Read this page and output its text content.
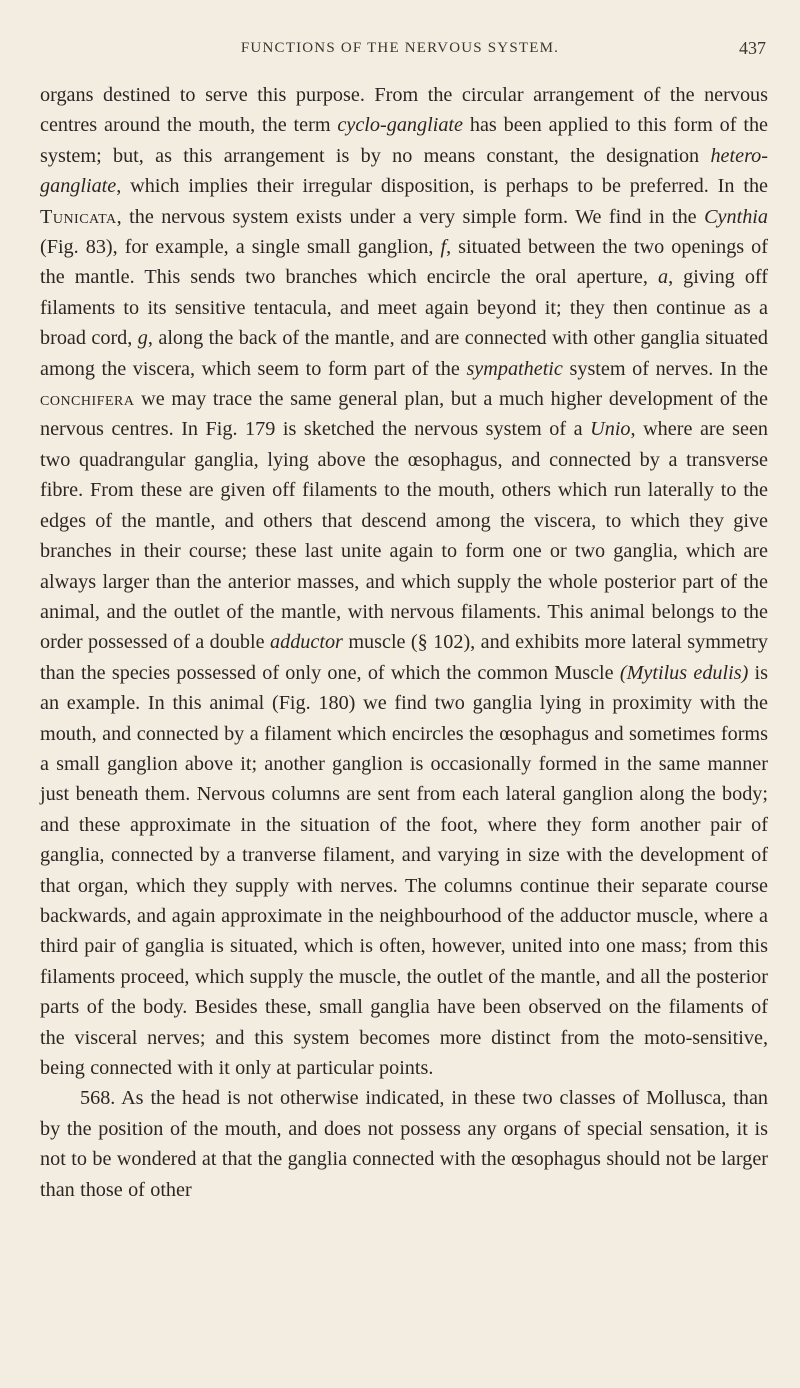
FUNCTIONS OF THE NERVOUS SYSTEM.	437

organs destined to serve this purpose. From the circular arrangement of the nervous centres around the mouth, the term cyclo-gangliate has been applied to this form of the system; but, as this arrangement is by no means constant, the designation hetero-gangliate, which implies their irregular disposition, is perhaps to be preferred. In the Tunicata, the nervous system exists under a very simple form. We find in the Cynthia (Fig. 83), for example, a single small ganglion, f, situated between the two openings of the mantle. This sends two branches which encircle the oral aperture, a, giving off filaments to its sensitive tentacula, and meet again beyond it; they then continue as a broad cord, g, along the back of the mantle, and are connected with other ganglia situated among the viscera, which seem to form part of the sympathetic system of nerves. In the conchifera we may trace the same general plan, but a much higher development of the nervous centres. In Fig. 179 is sketched the nervous system of a Unio, where are seen two quadrangular ganglia, lying above the œsophagus, and connected by a transverse fibre. From these are given off filaments to the mouth, others which run laterally to the edges of the mantle, and others that descend among the viscera, to which they give branches in their course; these last unite again to form one or two ganglia, which are always larger than the anterior masses, and which supply the whole posterior part of the animal, and the outlet of the mantle, with nervous filaments. This animal belongs to the order possessed of a double adductor muscle (§ 102), and exhibits more lateral symmetry than the species possessed of only one, of which the common Muscle (Mytilus edulis) is an example. In this animal (Fig. 180) we find two ganglia lying in proximity with the mouth, and connected by a filament which encircles the œsophagus and sometimes forms a small ganglion above it; another ganglion is occasionally formed in the same manner just beneath them. Nervous columns are sent from each lateral ganglion along the body; and these approximate in the situation of the foot, where they form another pair of ganglia, connected by a tranverse filament, and varying in size with the development of that organ, which they supply with nerves. The columns continue their separate course backwards, and again approximate in the neighbourhood of the adductor muscle, where a third pair of ganglia is situated, which is often, however, united into one mass; from this filaments proceed, which supply the muscle, the outlet of the mantle, and all the posterior parts of the body. Besides these, small ganglia have been observed on the filaments of the visceral nerves; and this system becomes more distinct from the moto-sensitive, being connected with it only at particular points.

568. As the head is not otherwise indicated, in these two classes of Mollusca, than by the position of the mouth, and does not possess any organs of special sensation, it is not to be wondered at that the ganglia connected with the œsophagus should not be larger than those of other
